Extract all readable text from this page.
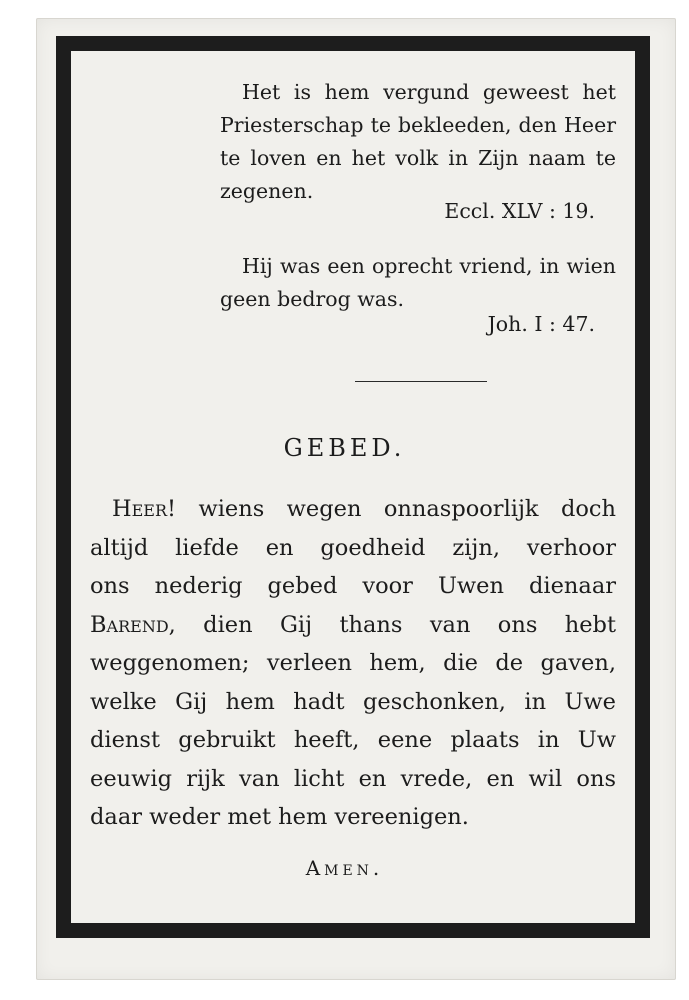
Het is hem vergund geweest het
Priesterschap te bekleeden, den Heer
te loven en het volk in Zijn naam te
zegenen.
Eccl. XLV : 19.
Hij was een oprecht vriend, in wien
geen bedrog was.
Joh. I : 47.
GEBED.
Heer! wiens wegen onnaspoorlijk doch
altijd liefde en goedheid zijn, verhoor
ons nederig gebed voor Uwen dienaar
Barend, dien Gij thans van ons hebt
weggenomen; verleen hem, die de gaven,
welke Gij hem hadt geschonken, in Uwe
dienst gebruikt heeft, eene plaats in Uw
eeuwig rijk van licht en vrede, en wil ons
daar weder met hem vereenigen.
Amen.
